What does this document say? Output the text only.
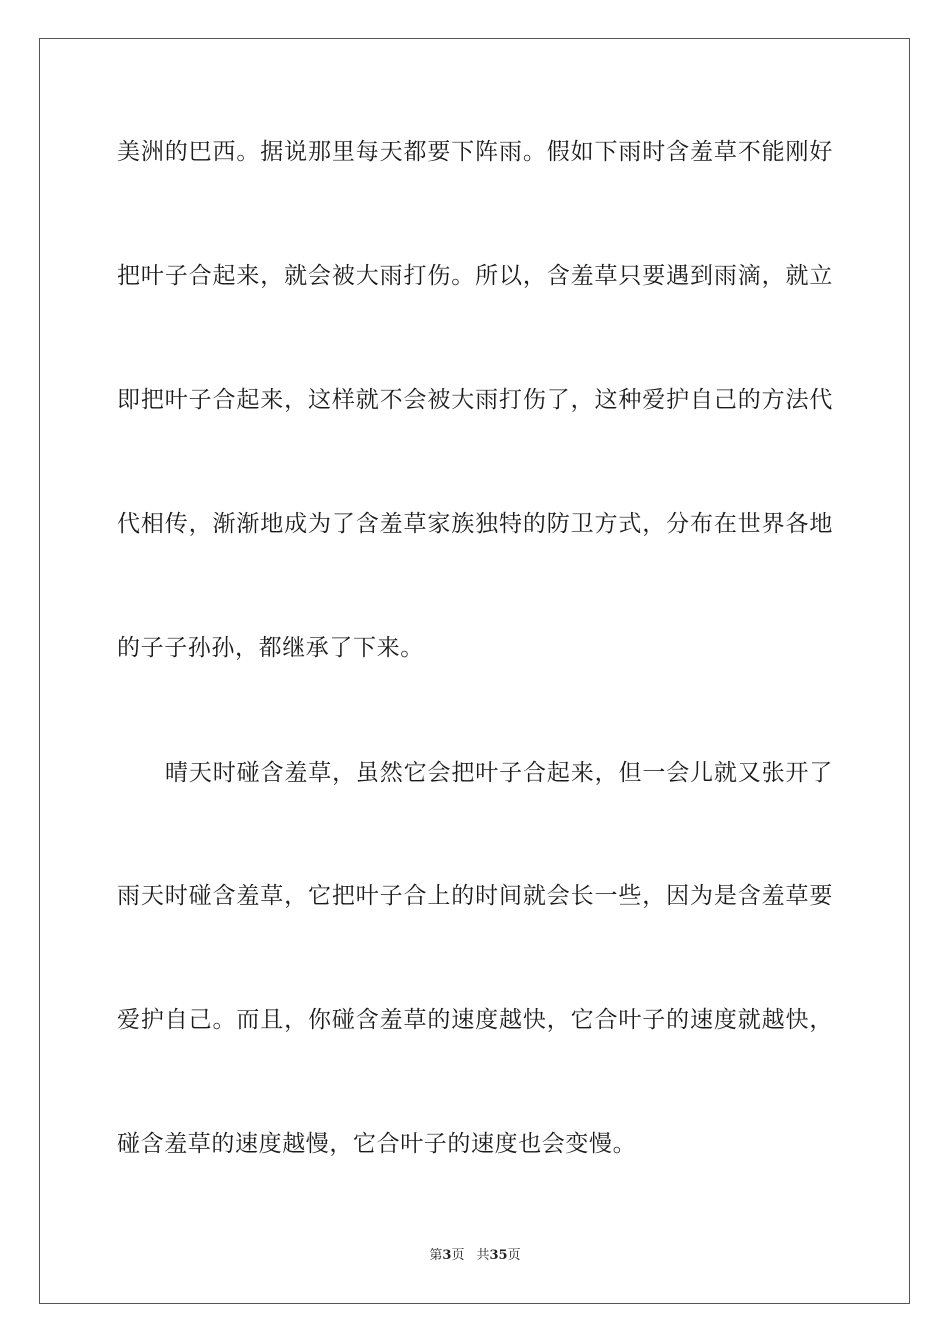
美洲的巴西。据说那里每天都要下阵雨。假如下雨时含羞草不能刚好
把叶子合起来，就会被大雨打伤。所以，含羞草只要遇到雨滴，就立
即把叶子合起来，这样就不会被大雨打伤了，这种爱护自己的方法代
代相传，渐渐地成为了含羞草家族独特的防卫方式，分布在世界各地
的子子孙孙，都继承了下来。
晴天时碰含羞草，虽然它会把叶子合起来，但一会儿就又张开了
雨天时碰含羞草，它把叶子合上的时间就会长一些，因为是含羞草要
爱护自己。而且，你碰含羞草的速度越快，它合叶子的速度就越快，
碰含羞草的速度越慢，它合叶子的速度也会变慢。
第3页 共35页
